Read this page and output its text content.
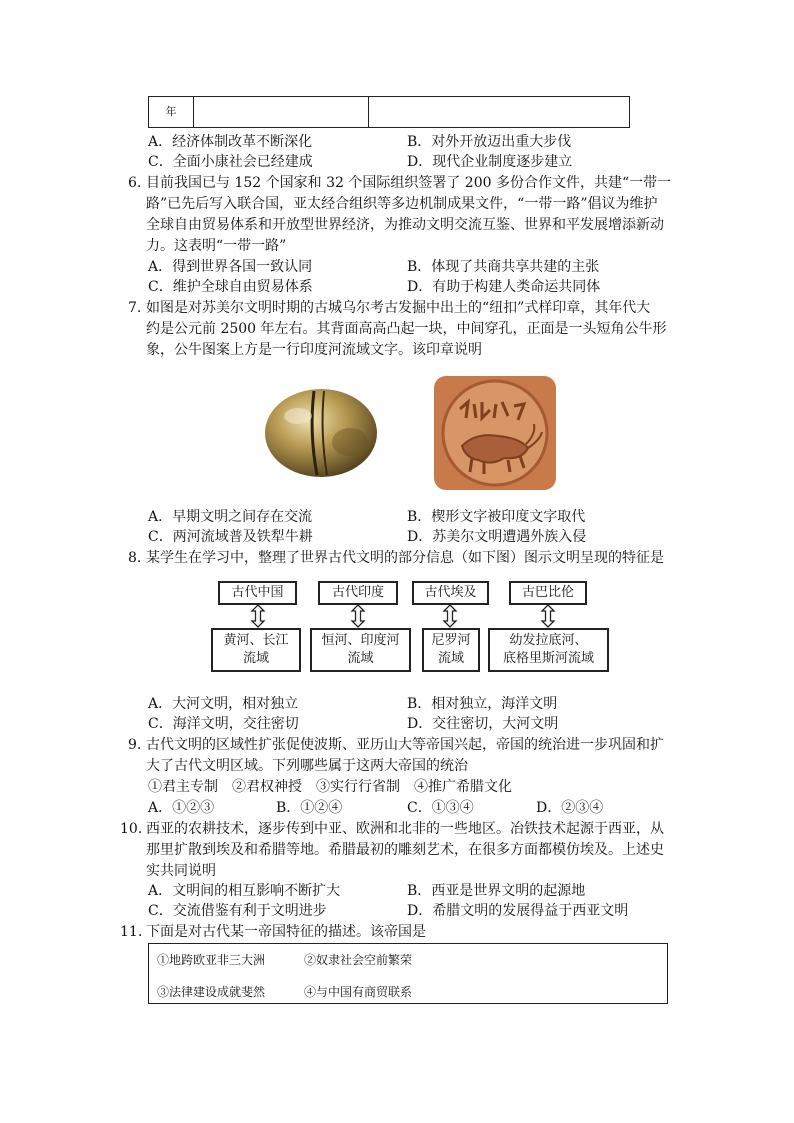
年
A．经济体制改革不断深化	B．对外开放迈出重大步伐
C．全面小康社会已经建成	D．现代企业制度逐步建立
6. 目前我国已与 152 个国家和 32 个国际组织签署了 200 多份合作文件，共建“一带一
路”已先后写入联合国，亚太经合组织等多边机制成果文件，“一带一路”倡议为维护
全球自由贸易体系和开放型世界经济，为推动文明交流互鉴、世界和平发展增添新动
力。这表明“一带一路”
A．得到世界各国一致认同	B．体现了共商共享共建的主张
C．维护全球自由贸易体系	D．有助于构建人类命运共同体
7. 如图是对苏美尔文明时期的古城乌尔考古发掘中出土的“纽扣”式样印章，其年代大
约是公元前 2500 年左右。其背面高高凸起一块，中间穿孔，正面是一头短角公牛形
象，公牛图案上方是一行印度河流域文字。该印章说明
A．早期文明之间存在交流	B．楔形文字被印度文字取代
C．两河流域普及铁犁牛耕	D．苏美尔文明遭遇外族入侵
8. 某学生在学习中，整理了世界古代文明的部分信息（如下图）图示文明呈现的特征是
古代中国	古代印度	古代埃及	古巴比伦
黄河、长江
流域
恒河、印度河
流域
尼罗河
流域
幼发拉底河、
底格里斯河流域
A．大河文明，相对独立	B．相对独立，海洋文明
C．海洋文明，交往密切	D．交往密切，大河文明
9. 古代文明的区域性扩张促使波斯、亚历山大等帝国兴起，帝国的统治进一步巩固和扩
大了古代文明区域。下列哪些属于这两大帝国的统治
①君主专制　②君权神授　③实行行省制　④推广希腊文化
A．①②③	B．①②④	C．①③④	D．②③④
10. 西亚的农耕技术，逐步传到中亚、欧洲和北非的一些地区。冶铁技术起源于西亚，从
那里扩散到埃及和希腊等地。希腊最初的雕刻艺术，在很多方面都模仿埃及。上述史
实共同说明
A．文明间的相互影响不断扩大	B．西亚是世界文明的起源地
C．交流借鉴有利于文明进步	D．希腊文明的发展得益于西亚文明
11. 下面是对古代某一帝国特征的描述。该帝国是
①地跨欧亚非三大洲	②奴隶社会空前繁荣
③法律建设成就斐然	④与中国有商贸联系
